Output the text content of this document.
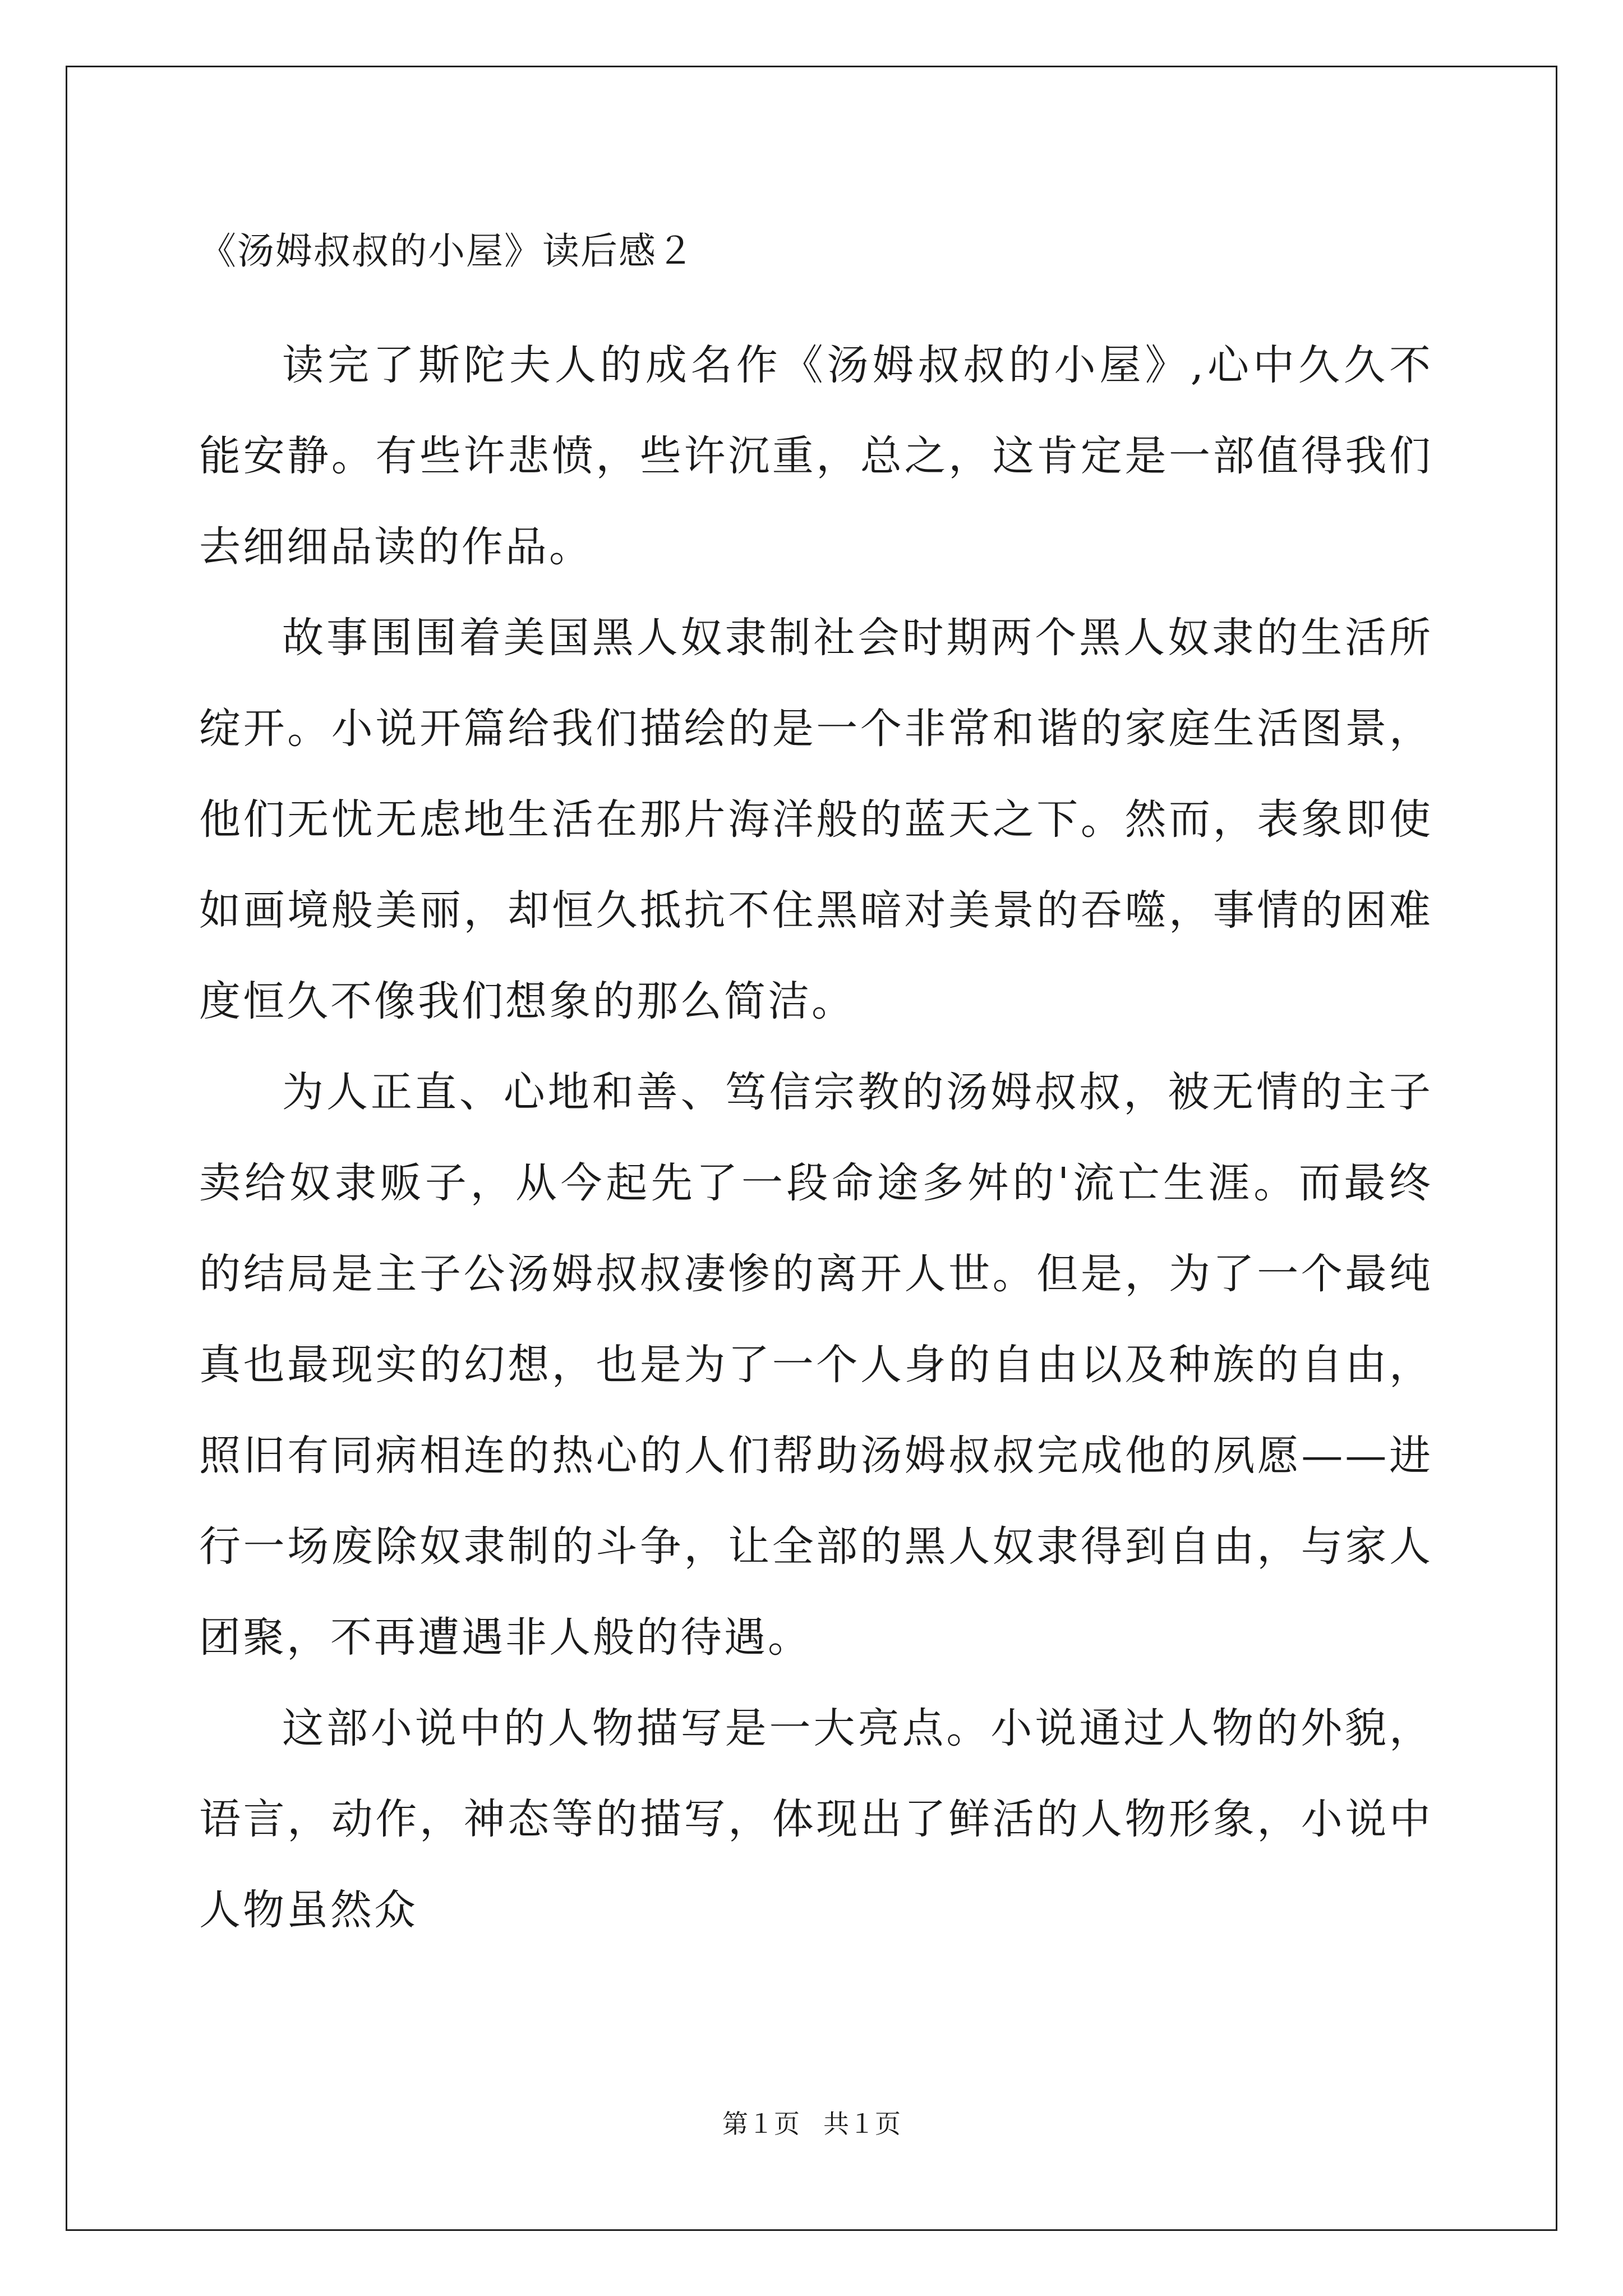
《汤姆叔叔的小屋》读后感２

读完了斯陀夫人的成名作《汤姆叔叔的小屋》,心中久久不能安静。有些许悲愤，些许沉重，总之，这肯定是一部值得我们去细细品读的作品。

故事围围着美国黑人奴隶制社会时期两个黑人奴隶的生活所绽开。小说开篇给我们描绘的是一个非常和谐的家庭生活图景，他们无忧无虑地生活在那片海洋般的蓝天之下。然而，表象即使如画境般美丽，却恒久抵抗不住黑暗对美景的吞噬，事情的困难度恒久不像我们想象的那么简洁。

为人正直、心地和善、笃信宗教的汤姆叔叔，被无情的主子卖给奴隶贩子，从今起先了一段命途多舛的'流亡生涯。而最终的结局是主子公汤姆叔叔凄惨的离开人世。但是，为了一个最纯真也最现实的幻想，也是为了一个人身的自由以及种族的自由，照旧有同病相连的热心的人们帮助汤姆叔叔完成他的夙愿——进行一场废除奴隶制的斗争，让全部的黑人奴隶得到自由，与家人团聚，不再遭遇非人般的待遇。

这部小说中的人物描写是一大亮点。小说通过人物的外貌，语言，动作，神态等的描写，体现出了鲜活的人物形象，小说中人物虽然众

第１页 共１页
